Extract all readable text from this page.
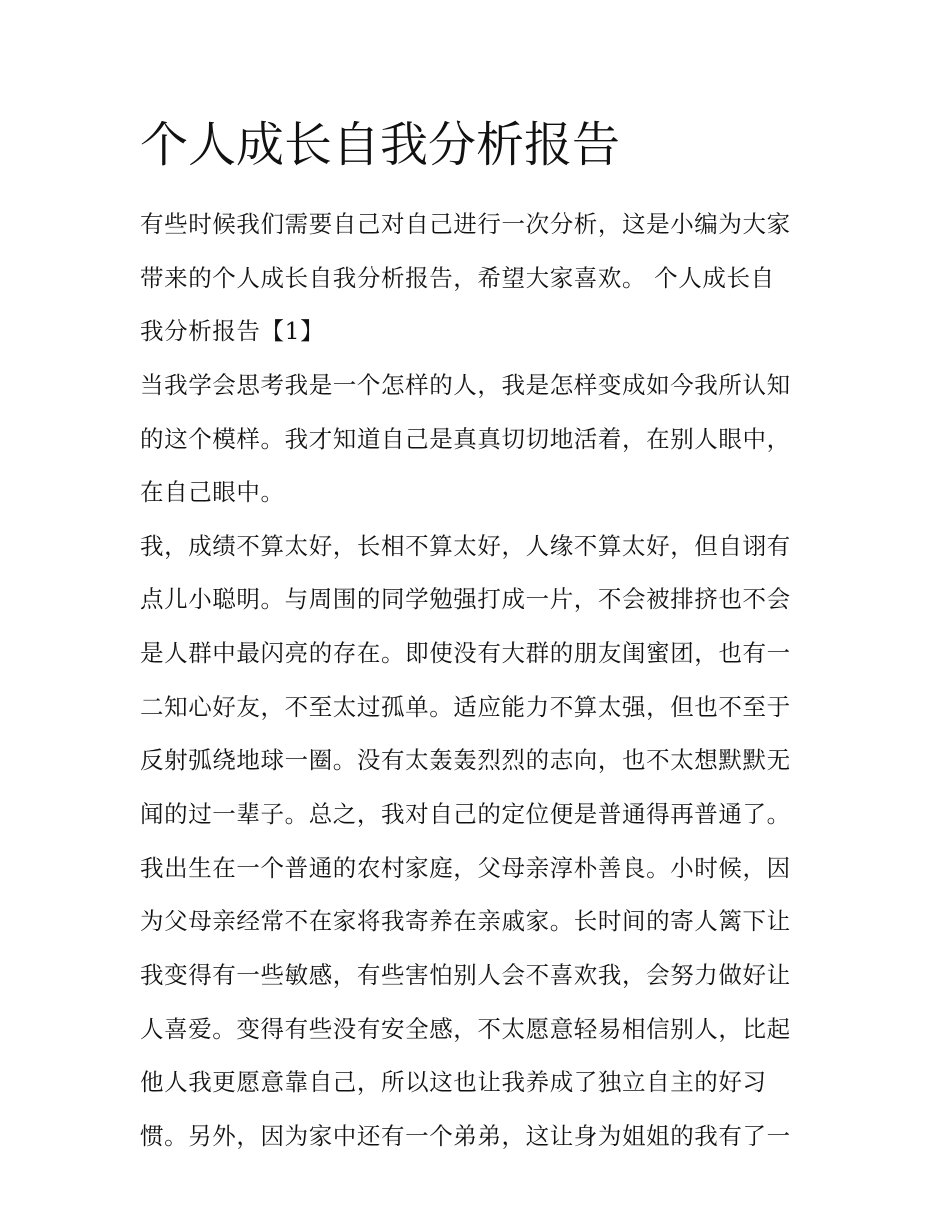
个人成长自我分析报告
有些时候我们需要自己对自己进行一次分析，这是小编为大家
带来的个人成长自我分析报告，希望大家喜欢。 个人成长自
我分析报告【1】
当我学会思考我是一个怎样的人，我是怎样变成如今我所认知
的这个模样。我才知道自己是真真切切地活着，在别人眼中，
在自己眼中。
我，成绩不算太好，长相不算太好，人缘不算太好，但自诩有
点儿小聪明。与周围的同学勉强打成一片，不会被排挤也不会
是人群中最闪亮的存在。即使没有大群的朋友闺蜜团，也有一
二知心好友，不至太过孤单。适应能力不算太强，但也不至于
反射弧绕地球一圈。没有太轰轰烈烈的志向，也不太想默默无
闻的过一辈子。总之，我对自己的定位便是普通得再普通了。
我出生在一个普通的农村家庭，父母亲淳朴善良。小时候，因
为父母亲经常不在家将我寄养在亲戚家。长时间的寄人篱下让
我变得有一些敏感，有些害怕别人会不喜欢我，会努力做好让
人喜爱。变得有些没有安全感，不太愿意轻易相信别人，比起
他人我更愿意靠自己，所以这也让我养成了独立自主的好习
惯。另外，因为家中还有一个弟弟，这让身为姐姐的我有了一
